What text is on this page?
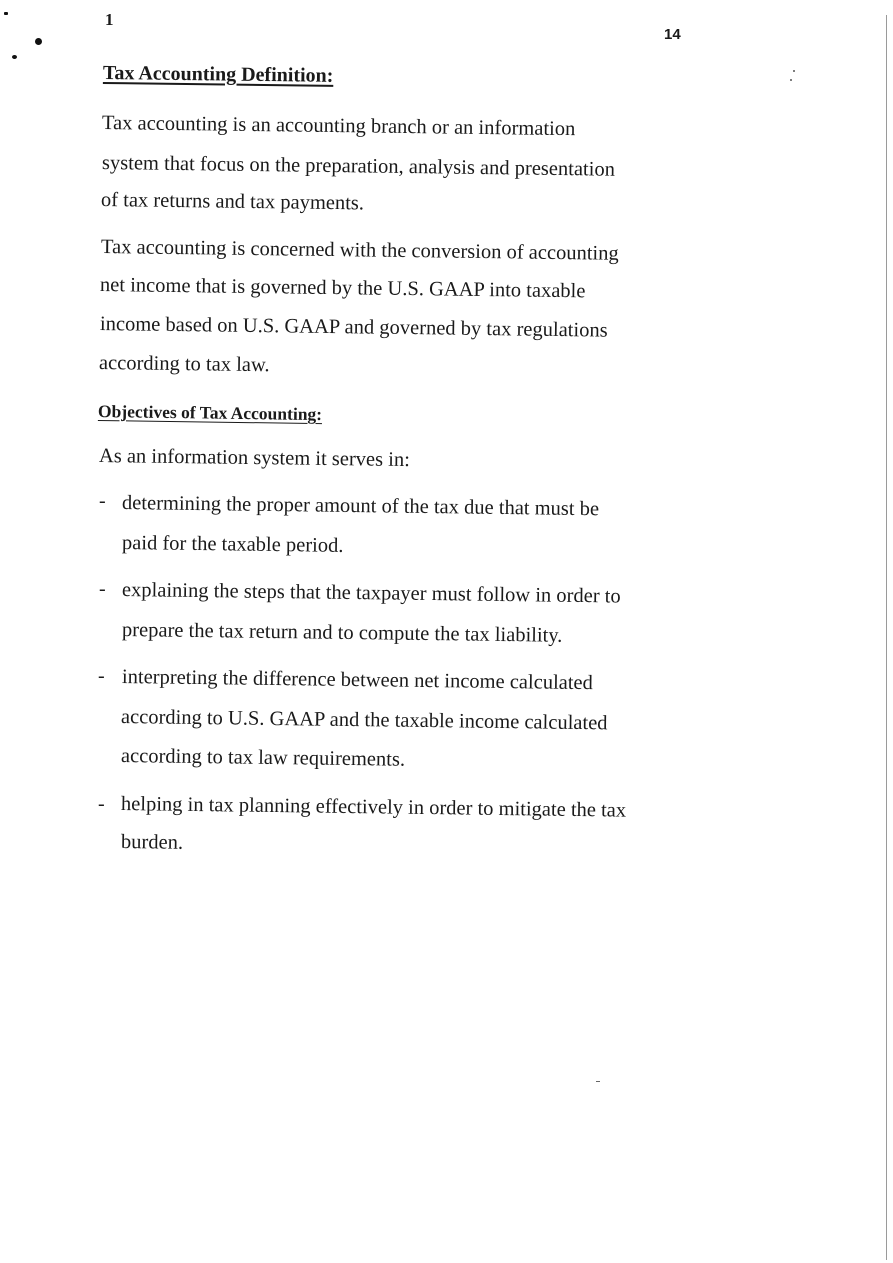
1
14
Tax Accounting Definition:
Tax accounting is an accounting branch or an information
system that focus on the preparation, analysis and presentation
of tax returns and tax payments.
Tax accounting is concerned with the conversion of accounting
net income that is governed by the U.S. GAAP into taxable
income based on U.S. GAAP and governed by tax regulations
according to tax law.
Objectives of Tax Accounting:
As an information system it serves in:
- determining the proper amount of the tax due that must be
paid for the taxable period.
- explaining the steps that the taxpayer must follow in order to
prepare the tax return and to compute the tax liability.
- interpreting the difference between net income calculated
according to U.S. GAAP and the taxable income calculated
according to tax law requirements.
- helping in tax planning effectively in order to mitigate the tax
burden.
